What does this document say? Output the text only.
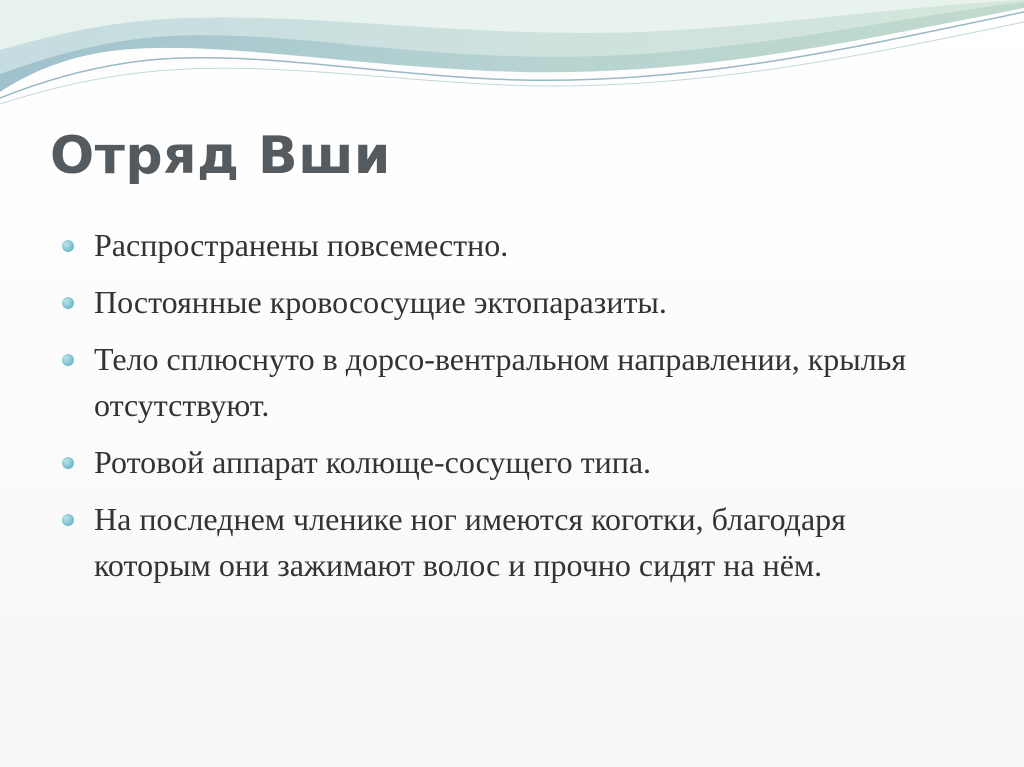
Отряд Вши
Распространены повсеместно.
Постоянные кровососущие эктопаразиты.
Тело сплюснуто в дорсо-вентральном направлении, крылья отсутствуют.
Ротовой аппарат колюще-сосущего типа.
На последнем членике ног имеются коготки, благодаря которым они зажимают волос и прочно сидят на нём.
